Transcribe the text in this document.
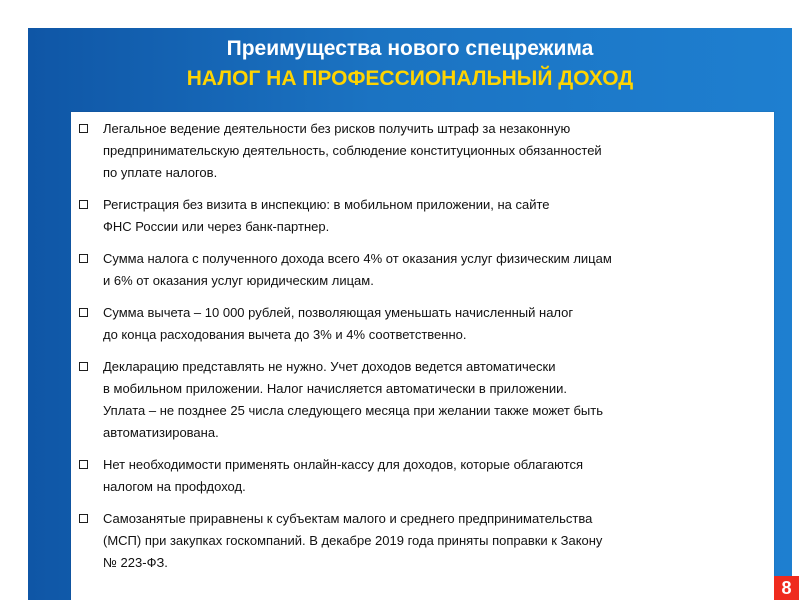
Преимущества нового спецрежима
НАЛОГ НА ПРОФЕССИОНАЛЬНЫЙ ДОХОД
Легальное ведение деятельности без рисков получить штраф за незаконную
предпринимательскую деятельность, соблюдение конституционных обязанностей
по уплате налогов.
Регистрация без визита в инспекцию: в мобильном приложении, на сайте
ФНС России или через банк-партнер.
Сумма налога с полученного дохода всего 4% от оказания услуг физическим лицам
и 6% от оказания услуг юридическим лицам.
Сумма вычета – 10 000 рублей, позволяющая уменьшать начисленный налог
до конца расходования вычета до 3% и 4% соответственно.
Декларацию представлять не нужно. Учет доходов ведется автоматически
в мобильном приложении. Налог начисляется автоматически в приложении.
Уплата – не позднее 25 числа следующего месяца при желании также может быть
автоматизирована.
Нет необходимости применять онлайн-кассу для доходов, которые облагаются
налогом на профдоход.
Самозанятые приравнены к субъектам малого и среднего предпринимательства
(МСП) при закупках госкомпаний. В декабре 2019 года приняты поправки к Закону
№ 223-ФЗ.
8
